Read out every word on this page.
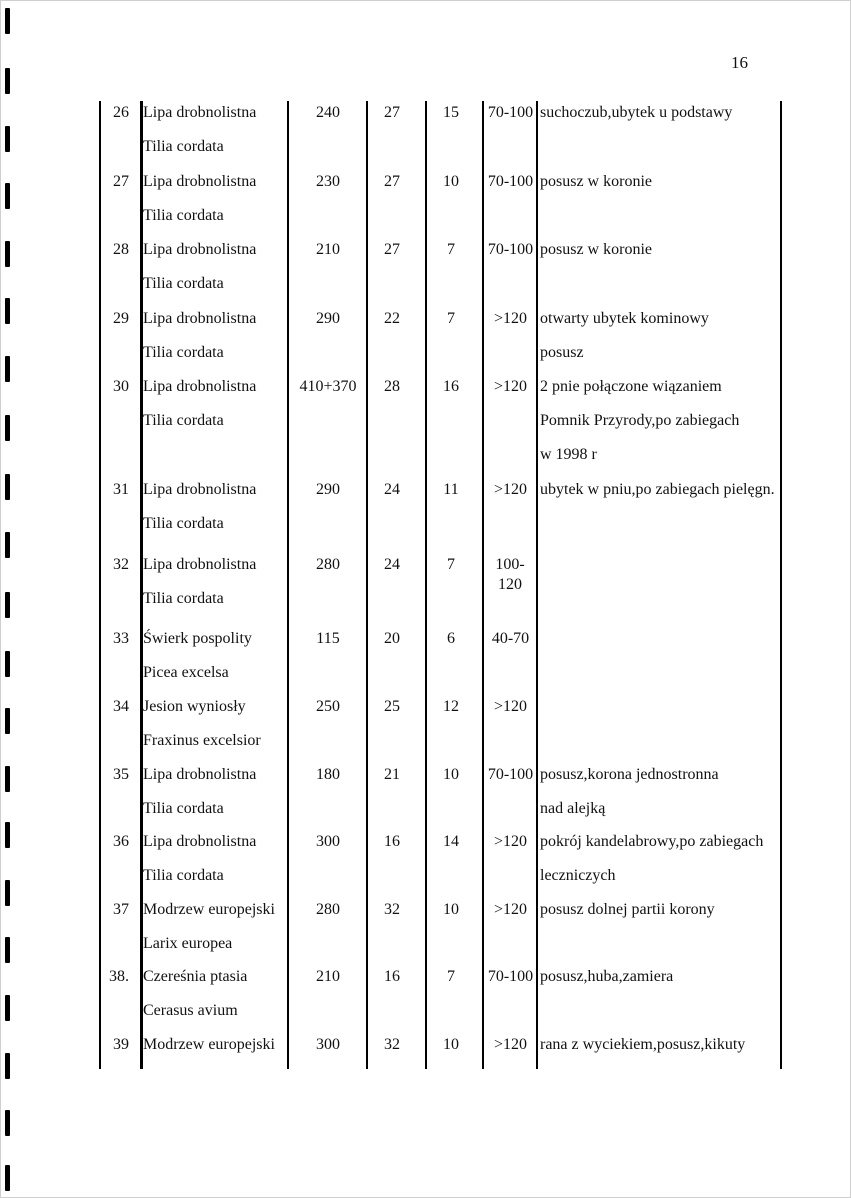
16
26 Lipa drobnolistna
Tilia cordata
240	27	15	70-100 suchoczub,ubytek u podstawy
27 Lipa drobnolistna
Tilia cordata
230	27	10	70-100 posusz w koronie
28 Lipa drobnolistna
Tilia cordata
210	27	7	70-100 posusz w koronie
29 Lipa drobnolistna
Tilia cordata
290	22	7	>120 otwarty ubytek kominowy
posusz
30 Lipa drobnolistna
Tilia cordata
410+370	28	16	>120 2 pnie połączone wiązaniem
Pomnik Przyrody,po zabiegach
w 1998 r
31 Lipa drobnolistna
Tilia cordata
290	24	11	>120 ubytek w pniu,po zabiegach pielęgn.
32 Lipa drobnolistna
Tilia cordata
280	24	7	100-120
33 Świerk pospolity
Picea excelsa
115	20	6	40-70
34 Jesion wyniosły
Fraxinus excelsior
250	25	12	>120
35 Lipa drobnolistna
Tilia cordata
180	21	10	70-100 posusz,korona jednostronna
nad alejką
36 Lipa drobnolistna
Tilia cordata
300	16	14	>120 pokrój kandelabrowy,po zabiegach
leczniczych
37 Modrzew europejski
Larix europea
280	32	10	>120 posusz dolnej partii korony
38. Czereśnia ptasia
Cerasus avium
210	16	7	70-100 posusz,huba,zamiera
39 Modrzew europejski	300	32	10	>120 rana z wyciekiem,posusz,kikuty
